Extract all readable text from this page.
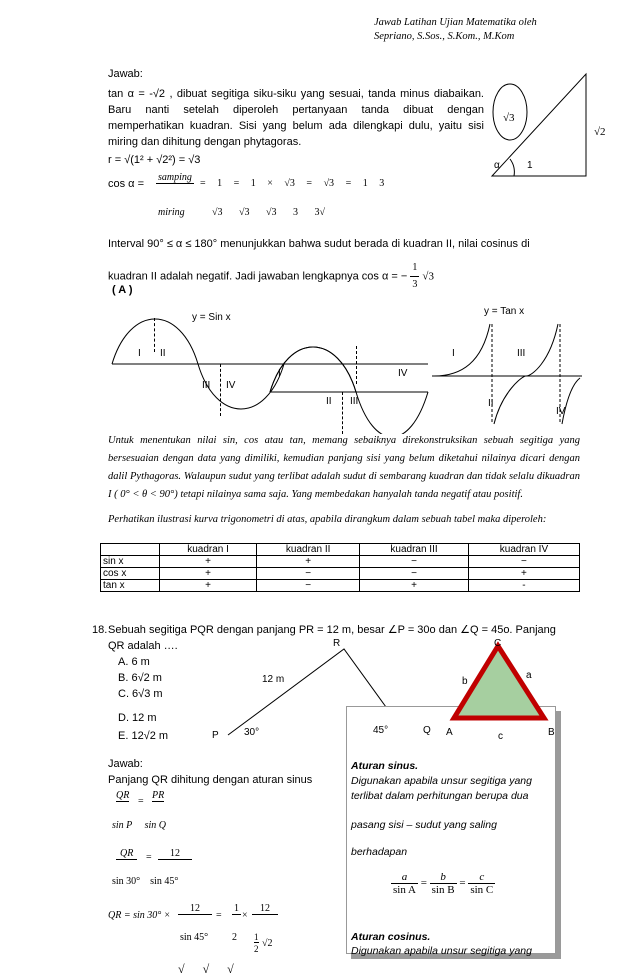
Jawab Latihan Ujian Matematika oleh
Sepriano, S.Sos., S.Kom., M.Kom
Jawab:
tan α = -√2 , dibuat segitiga siku-siku yang sesuai, tanda minus diabaikan. Baru nanti setelah diperoleh pertanyaan tanda dibuat dengan memperhatikan kuadran. Sisi yang belum ada dilengkapi dulu, yaitu sisi miring dan dihitung dengan phytagoras.
r = √(1² + √2²) = √3
cos α =
samping
miring
= 1 = 1 × √3 = √3 = 1 3
√3 √3 √3 3 3√
Interval 90° ≤ α ≤ 180° menunjukkan bahwa sudut berada di kuadran II, nilai cosinus di
kuadran II adalah negatif. Jadi jawaban lengkapnya cos α = − $\frac{1}{3} √3$
( A )
√3
√2
1
α
y = Sin x
y = Tan x
I II
III IV
I
II III
IV
I	III
II
IV
Untuk menentukan nilai sin, cos atau tan, memang sebaiknya direkonstruksikan sebuah segitiga yang bersesuaian dengan data yang dimiliki, kemudian panjang sisi yang belum diketahui nilainya dicari dengan dalil Pythagoras. Walaupun sudut yang terlibat adalah sudut di sembarang kuadran dan tidak selalu dikuadran I ( 0° < θ < 90°) tetapi nilainya sama saja. Yang membedakan hanyalah tanda negatif atau positif.
Perhatikan ilustrasi kurva trigonometri di atas, apabila dirangkum dalam sebuah tabel maka diperoleh:
	kuadran I	kuadran II	kuadran III	kuadran IV
sin x	+	+	−	−
cos x	+	−	−	+
tan x	+	−	+	-
18. Sebuah segitiga PQR dengan panjang PR = 12 m, besar ∠P = 30o dan ∠Q = 45o. Panjang
QR adalah ….
A. 6 m
B. 6√2 m
C. 6√3 m
D. 12 m
E. 12√2 m
R
P
12 m
30°	45°	Q
Aturan sinus.
Digunakan apabila unsur segitiga yang terlibat dalam perhitungan berupa dua
pasang sisi – sudut yang saling
berhadapan
$\frac{a}{\text{sin A}} = \frac{b}{\text{sin B}} = \frac{c}{\text{sin C}}$
Aturan cosinus.
Digunakan apabila unsur segitiga yang
C
A	B
a
b
c
Jawab:
Panjang QR dihitung dengan aturan sinus
QR
=
PR
sin P     sin Q
QR	=	12
sin 30°    sin 45°
QR = sin 30° ×
12
=
1
×
12
sin 45° 2 1
2 √2
√      √      √
